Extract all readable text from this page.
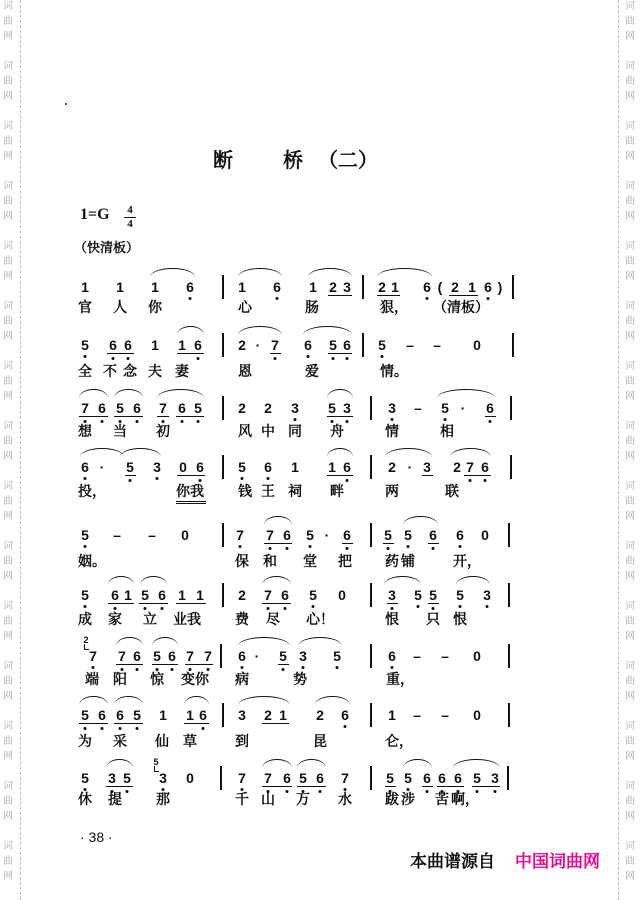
词
曲
网
词
曲
网
词
曲
网
词
曲
网
词
曲
网
词
曲
网
词
曲
网
词
曲
网
词
曲
网
词
曲
网
词
曲
网
词
曲
网
词
曲
网
词
曲
网
词
曲
网
词
曲
网
词
曲
网
词
曲
网
词
曲
网
词
曲
网
词
曲
网
词
曲
网
词
曲
网
词
曲
网
词
曲
网
词
曲
网
词
曲
网
词
曲
网
词
曲
网
词
曲
网
断	桥 （二）
$1=G \frac{4}{4}$
（快清板）
1 1 1 6	1 6 1 2 3 2 1 6 ( 2 1 6 )
官 人 你	心	肠	狠， （清板）
5 6 6 1 1 6	2 · 7 6 5 6 5 – – 0
全 不 念 夫 妻	恩	爱	情。
7 6 5 6 7 6 5	2 2 3 5 3	3 – 5 · 6
想 当 初	风 中 同 舟	情	相
6 · 5 3 0 6 5 6 1 1 6	2 · 3 2 7 6
投，	你我 钱 王 祠 畔	两	联
5 – – 0	7 7 6 5 · 6 5 5 6 6 0
姻。	保 和 堂 把 药 铺	开，
5 6 1 5 6 1 1 2 7 6 5 0	3 5 5 5 3
成 家 立 业我 费 尽 心！	恨 只 恨
7 7 6 5 6 7 7 6 · 5 3 5	6 – – 0
2
端 阳 惊 变你 病	势	重，
5 6 6 5 1 1 6 3 2 1 2 6	1 – – 0
为 采 仙 草	到	昆	仑，
5 3 5 3 0	7 7 6 5 6 7	5 5 6 6 6 5 3
5
休 提 那	千 山 万 水 跋 涉 苦 啊，
· 38 ·
本曲谱源自 中国词曲网
